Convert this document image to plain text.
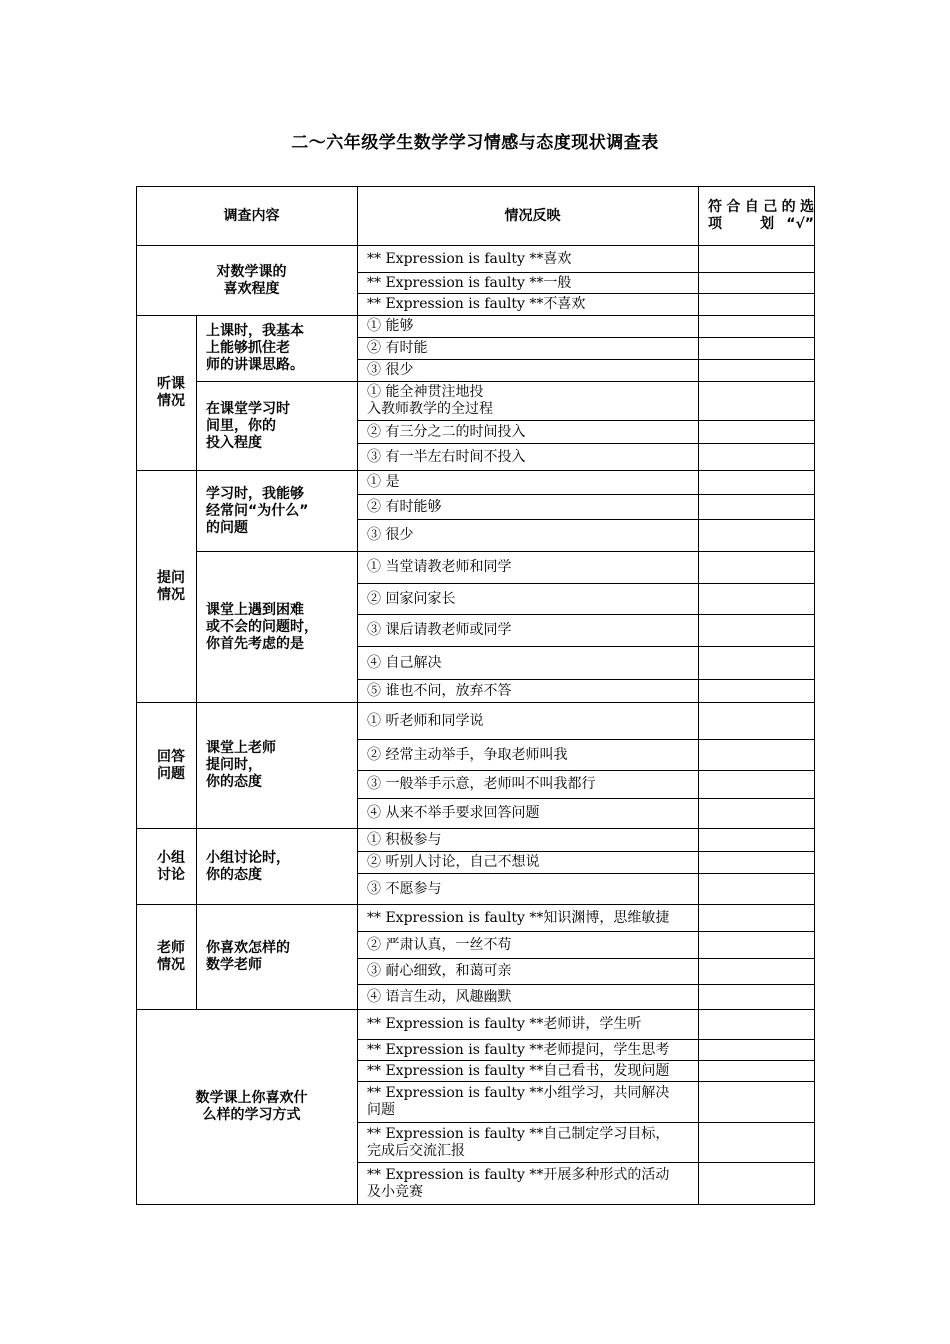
二～六年级学生数学学习情感与态度现状调查表
调查内容		情况反映	符合自己的选　项　划“√”
对数学课的
喜欢程度		** Expression is faulty **喜欢	
		** Expression is faulty **一般	
		** Expression is faulty **不喜欢	
听课
情况	上课时，我基本
上能够抓住老
师的讲课思路。	① 能够	
		② 有时能	
		③ 很少	
	在课堂学习时
间里，你的
投入程度	① 能全神贯注地投
入教师教学的全过程	
		② 有三分之二的时间投入	
		③ 有一半左右时间不投入	
提问
情况	学习时，我能够
经常问“为什么”
的问题	① 是	
		② 有时能够	
		③ 很少	
	课堂上遇到困难
或不会的问题时，
你首先考虑的是	① 当堂请教老师和同学	
		② 回家问家长	
		③ 课后请教老师或同学	
		④ 自己解决	
		⑤ 谁也不问，放弃不答	
回答
问题	课堂上老师
提问时，
你的态度	① 听老师和同学说	
		② 经常主动举手，争取老师叫我	
		③ 一般举手示意，老师叫不叫我都行	
		④ 从来不举手要求回答问题	
小组
讨论	小组讨论时，
你的态度	① 积极参与	
		② 听别人讨论，自己不想说	
		③ 不愿参与	
老师
情况	你喜欢怎样的
数学老师	** Expression is faulty **知识渊博，思维敏捷	
		② 严肃认真，一丝不苟	
		③ 耐心细致，和蔼可亲	
		④ 语言生动，风趣幽默	
数学课上你喜欢什
么样的学习方式		** Expression is faulty **老师讲，学生听	
		** Expression is faulty **老师提问，学生思考	
		** Expression is faulty **自己看书，发现问题	
		** Expression is faulty **小组学习，共同解决
问题	
		** Expression is faulty **自己制定学习目标，
完成后交流汇报	
		** Expression is faulty **开展多种形式的活动
及小竞赛	
